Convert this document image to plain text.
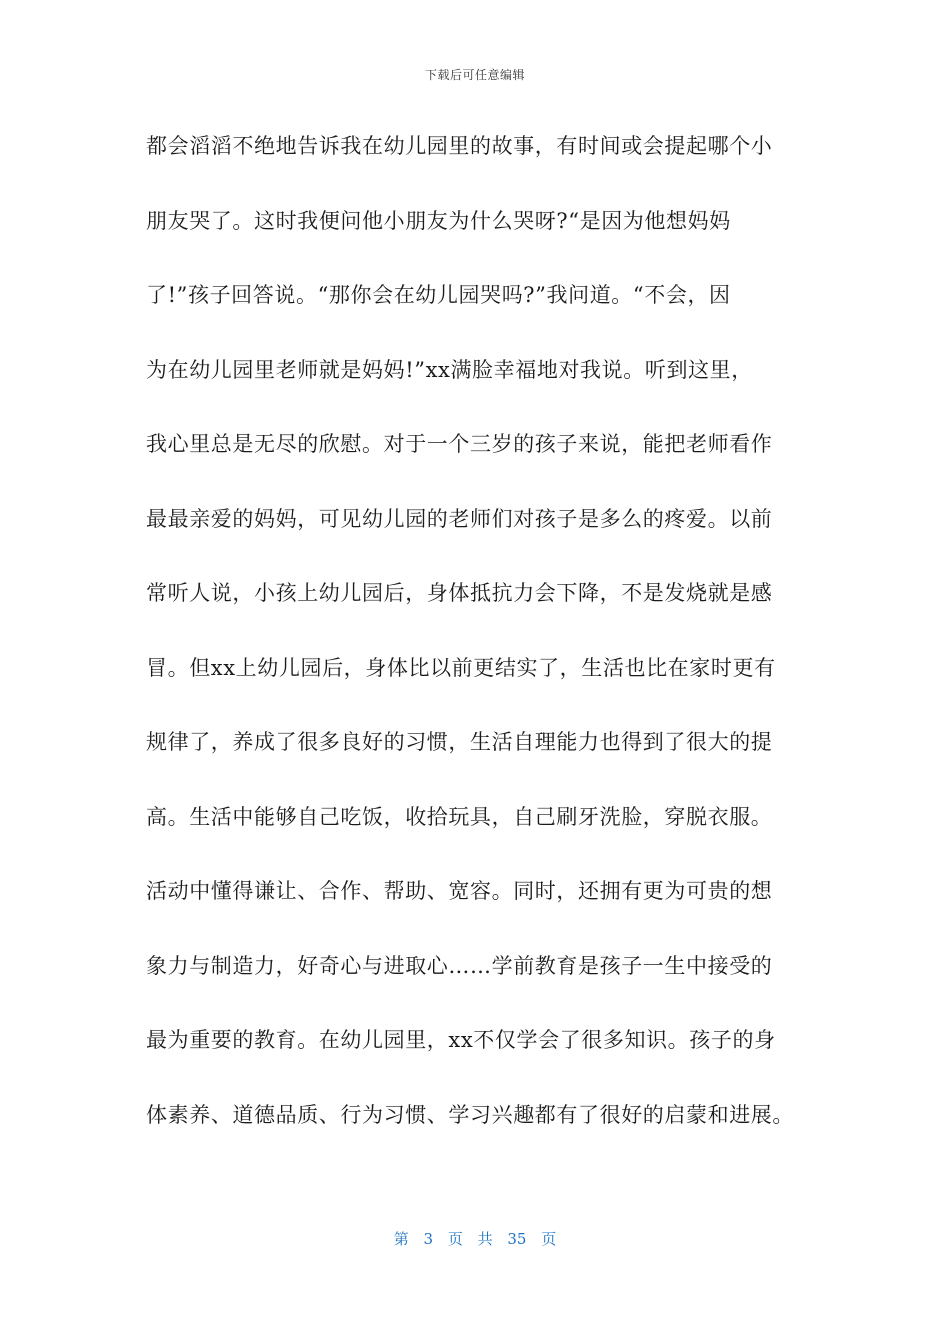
下载后可任意编辑
都会滔滔不绝地告诉我在幼儿园里的故事，有时间或会提起哪个小
朋友哭了。这时我便问他小朋友为什么哭呀?“是因为他想妈妈
了!”孩子回答说。“那你会在幼儿园哭吗?”我问道。“不会，因
为在幼儿园里老师就是妈妈!”xx满脸幸福地对我说。听到这里，
我心里总是无尽的欣慰。对于一个三岁的孩子来说，能把老师看作
最最亲爱的妈妈，可见幼儿园的老师们对孩子是多么的疼爱。以前
常听人说，小孩上幼儿园后，身体抵抗力会下降，不是发烧就是感
冒。但xx上幼儿园后，身体比以前更结实了，生活也比在家时更有
规律了，养成了很多良好的习惯，生活自理能力也得到了很大的提
高。生活中能够自己吃饭，收拾玩具，自己刷牙洗脸，穿脱衣服。
活动中懂得谦让、合作、帮助、宽容。同时，还拥有更为可贵的想
象力与制造力，好奇心与进取心……学前教育是孩子一生中接受的
最为重要的教育。在幼儿园里，xx不仅学会了很多知识。孩子的身
体素养、道德品质、行为习惯、学习兴趣都有了很好的启蒙和进展。
第 3 页 共 35 页
